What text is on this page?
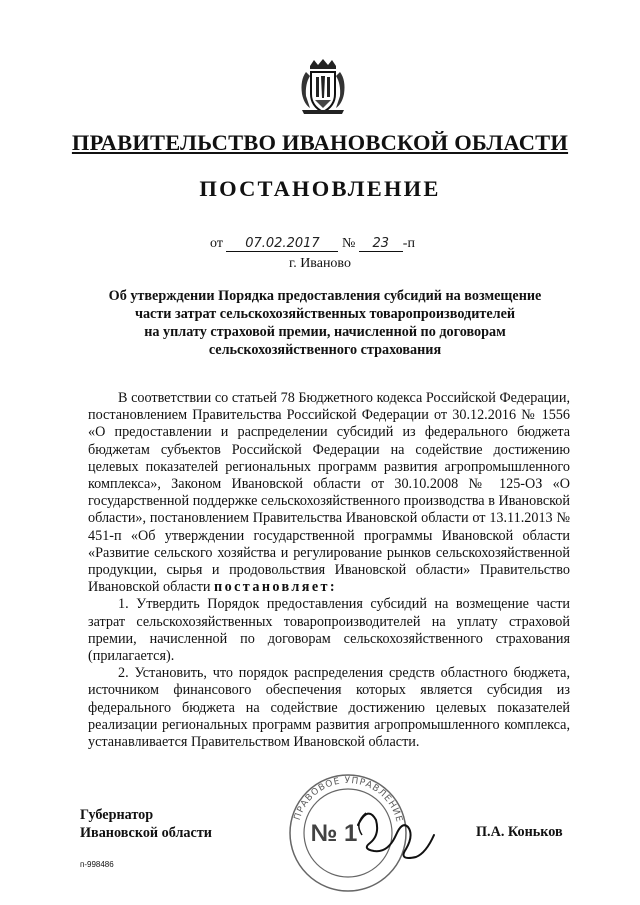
ПРАВИТЕЛЬСТВО ИВАНОВСКОЙ ОБЛАСТИ
ПОСТАНОВЛЕНИЕ
от 07.02.2017 № 23 -п
г. Иваново
Об утверждении Порядка предоставления субсидий на возмещение
части затрат сельскохозяйственных товаропроизводителей
на уплату страховой премии, начисленной по договорам
сельскохозяйственного страхования

В соответствии со статьей 78 Бюджетного кодекса Российской Федерации, постановлением Правительства Российской Федерации от 30.12.2016 № 1556 «О предоставлении и распределении субсидий из федерального бюджета бюджетам субъектов Российской Федерации на содействие достижению целевых показателей региональных программ развития агропромышленного комплекса», Законом Ивановской области от 30.10.2008 № 125-ОЗ «О государственной поддержке сельскохозяйственного производства в Ивановской области», постановлением Правительства Ивановской области от 13.11.2013 № 451-п «Об утверждении государственной программы Ивановской области «Развитие сельского хозяйства и регулирование рынков сельскохозяйственной продукции, сырья и продовольствия Ивановской области» Правительство Ивановской области постановляет:

1. Утвердить Порядок предоставления субсидий на возмещение части затрат сельскохозяйственных товаропроизводителей на уплату страховой премии, начисленной по договорам сельскохозяйственного страхования (прилагается).

2. Установить, что порядок распределения средств областного бюджета, источником финансового обеспечения которых является субсидия из федерального бюджета на содействие достижению целевых показателей реализации региональных программ развития агропромышленного комплекса, устанавливается Правительством Ивановской области.

Губернатор
Ивановской области
ПРАВОВОЕ УПРАВЛЕНИЕ
№ 1	П.А. Коньков
п-998486
